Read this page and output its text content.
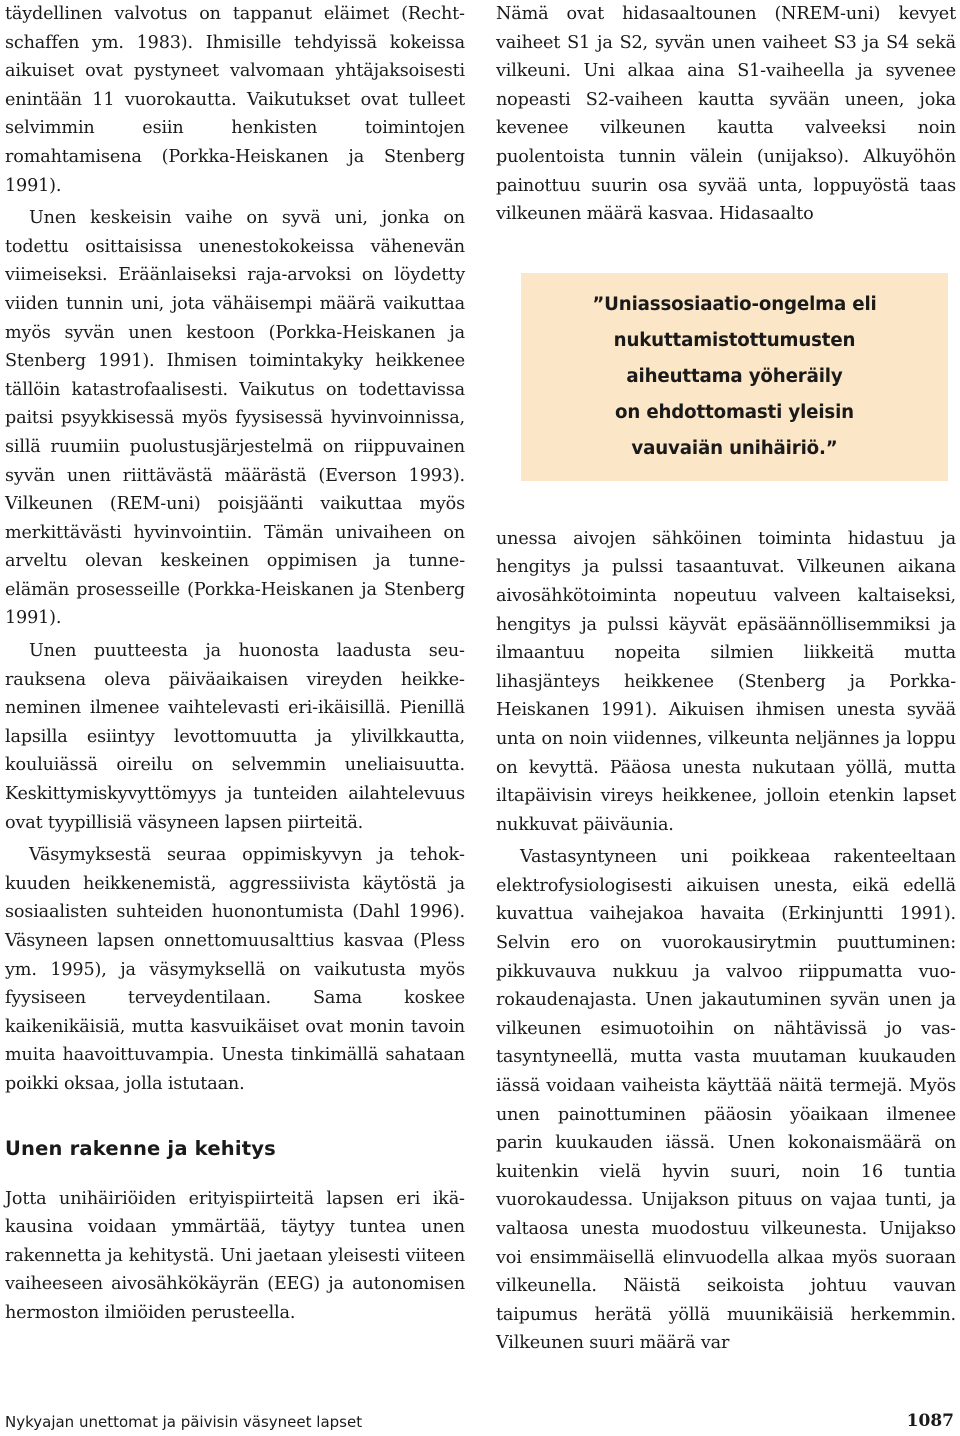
täydellinen valvotus on tappanut eläimet (Rechtschaffen ym. 1983). Ihmisille tehdyissä kokeissa aikuiset ovat pystyneet valvomaan yhtäjaksoisesti enintään 11 vuorokautta. Vaikutukset ovat tulleet selvimmin esiin henkisten toimintojen romahtamisena (Porkka-Heiskanen ja Stenberg 1991).

Unen keskeisin vaihe on syvä uni, jonka on todettu osittaisissa unenestokokeissa vähenevän viimeiseksi. Eräänlaiseksi raja-arvoksi on löydetty viiden tunnin uni, jota vähäisempi määrä vaikuttaa myös syvän unen kestoon (Porkka-Heiskanen ja Stenberg 1991). Ihmisen toimintakyky heikkenee tällöin katastrofaalisesti. Vaikutus on todettavissa paitsi psyykkisessä myös fyysisessä hyvinvoinnissa, sillä ruumiin puolustusjärjestelmä on riippuvainen syvän unen riittävästä määrästä (Everson 1993). Vilkeunen (REM-uni) poisjäänti vaikuttaa myös merkittävästi hyvinvointiin. Tämän univaiheen on arveltu olevan keskeinen oppimisen ja tunne-elämän prosesseille (Porkka-Heiskanen ja Stenberg 1991).

Unen puutteesta ja huonosta laadusta seurauksena oleva päiväaikaisen vireyden heikkeneminen ilmenee vaihtelevasti eri-ikäisillä. Pienillä lapsilla esiintyy levottomuutta ja ylivilkkautta, kouluiässä oireilu on selvemmin uneliaisuutta. Keskittymiskyvyttömyys ja tunteiden ailahtelevuus ovat tyypillisiä väsyneen lapsen piirteitä.

Väsymyksestä seuraa oppimiskyvyn ja tehokkuuden heikkenemistä, aggressiivista käytöstä ja sosiaalisten suhteiden huonontumista (Dahl 1996). Väsyneen lapsen onnettomuusalttius kasvaa (Pless ym. 1995), ja väsymyksellä on vaikutusta myös fyysiseen terveydentilaan. Sama koskee kaikenikäisiä, mutta kasvuikäiset ovat monin tavoin muita haavoittuvampia. Unesta tinkimällä sahataan poikki oksaa, jolla istutaan.

Unen rakenne ja kehitys

Jotta unihäiriöiden erityispiirteitä lapsen eri ikäkausina voidaan ymmärtää, täytyy tuntea unen rakennetta ja kehitystä. Uni jaetaan yleisesti viiteen vaiheeseen aivosähkökäyrän (EEG) ja autonomisen hermoston ilmiöiden perusteella.

Nämä ovat hidasaaltounen (NREM-uni) kevyet vaiheet S1 ja S2, syvän unen vaiheet S3 ja S4 sekä vilkeuni. Uni alkaa aina S1-vaiheella ja syvenee nopeasti S2-vaiheen kautta syvään uneen, joka kevenee vilkeunen kautta valveeksi noin puolentoista tunnin välein (unijakso). Alkuyöhön painottuu suurin osa syvää unta, loppuyöstä taas vilkeunen määrä kasvaa. Hidasaalto

”Uniassosiaatio-ongelma eli
nukuttamistottumusten
aiheuttama yöheräily
on ehdottomasti yleisin
vauvaiän unihäiriö.”

unessa aivojen sähköinen toiminta hidastuu ja hengitys ja pulssi tasaantuvat. Vilkeunen aikana aivosähkötoiminta nopeutuu valveen kaltaiseksi, hengitys ja pulssi käyvät epäsäännöllisemmiksi ja ilmaantuu nopeita silmien liikkeitä mutta lihasjänteys heikkenee (Stenberg ja Porkka-Heiskanen 1991). Aikuisen ihmisen unesta syvää unta on noin viidennes, vilkeunta neljännes ja loppu on kevyttä. Pääosa unesta nukutaan yöllä, mutta iltapäivisin vireys heikkenee, jolloin etenkin lapset nukkuvat päiväunia.

Vastasyntyneen uni poikkeaa rakenteeltaan elektrofysiologisesti aikuisen unesta, eikä edellä kuvattua vaihejakoa havaita (Erkinjuntti 1991). Selvin ero on vuorokausirytmin puuttuminen: pikkuvauva nukkuu ja valvoo riippumatta vuorokaudenajasta. Unen jakautuminen syvän unen ja vilkeunen esimuotoihin on nähtävissä jo vastasyntyneellä, mutta vasta muutaman kuukauden iässä voidaan vaiheista käyttää näitä termejä. Myös unen painottuminen pääosin yöaikaan ilmenee parin kuukauden iässä. Unen kokonaismäärä on kuitenkin vielä hyvin suuri, noin 16 tuntia vuorokaudessa. Unijakson pituus on vajaa tunti, ja valtaosa unesta muodostuu vilkeunesta. Unijakso voi ensimmäisellä elinvuodella alkaa myös suoraan vilkeunella. Näistä seikoista johtuu vauvan taipumus herätä yöllä muunikäisiä herkemmin. Vilkeunen suuri määrä var

Nykyajan unettomat ja päivisin väsyneet lapset	1087
